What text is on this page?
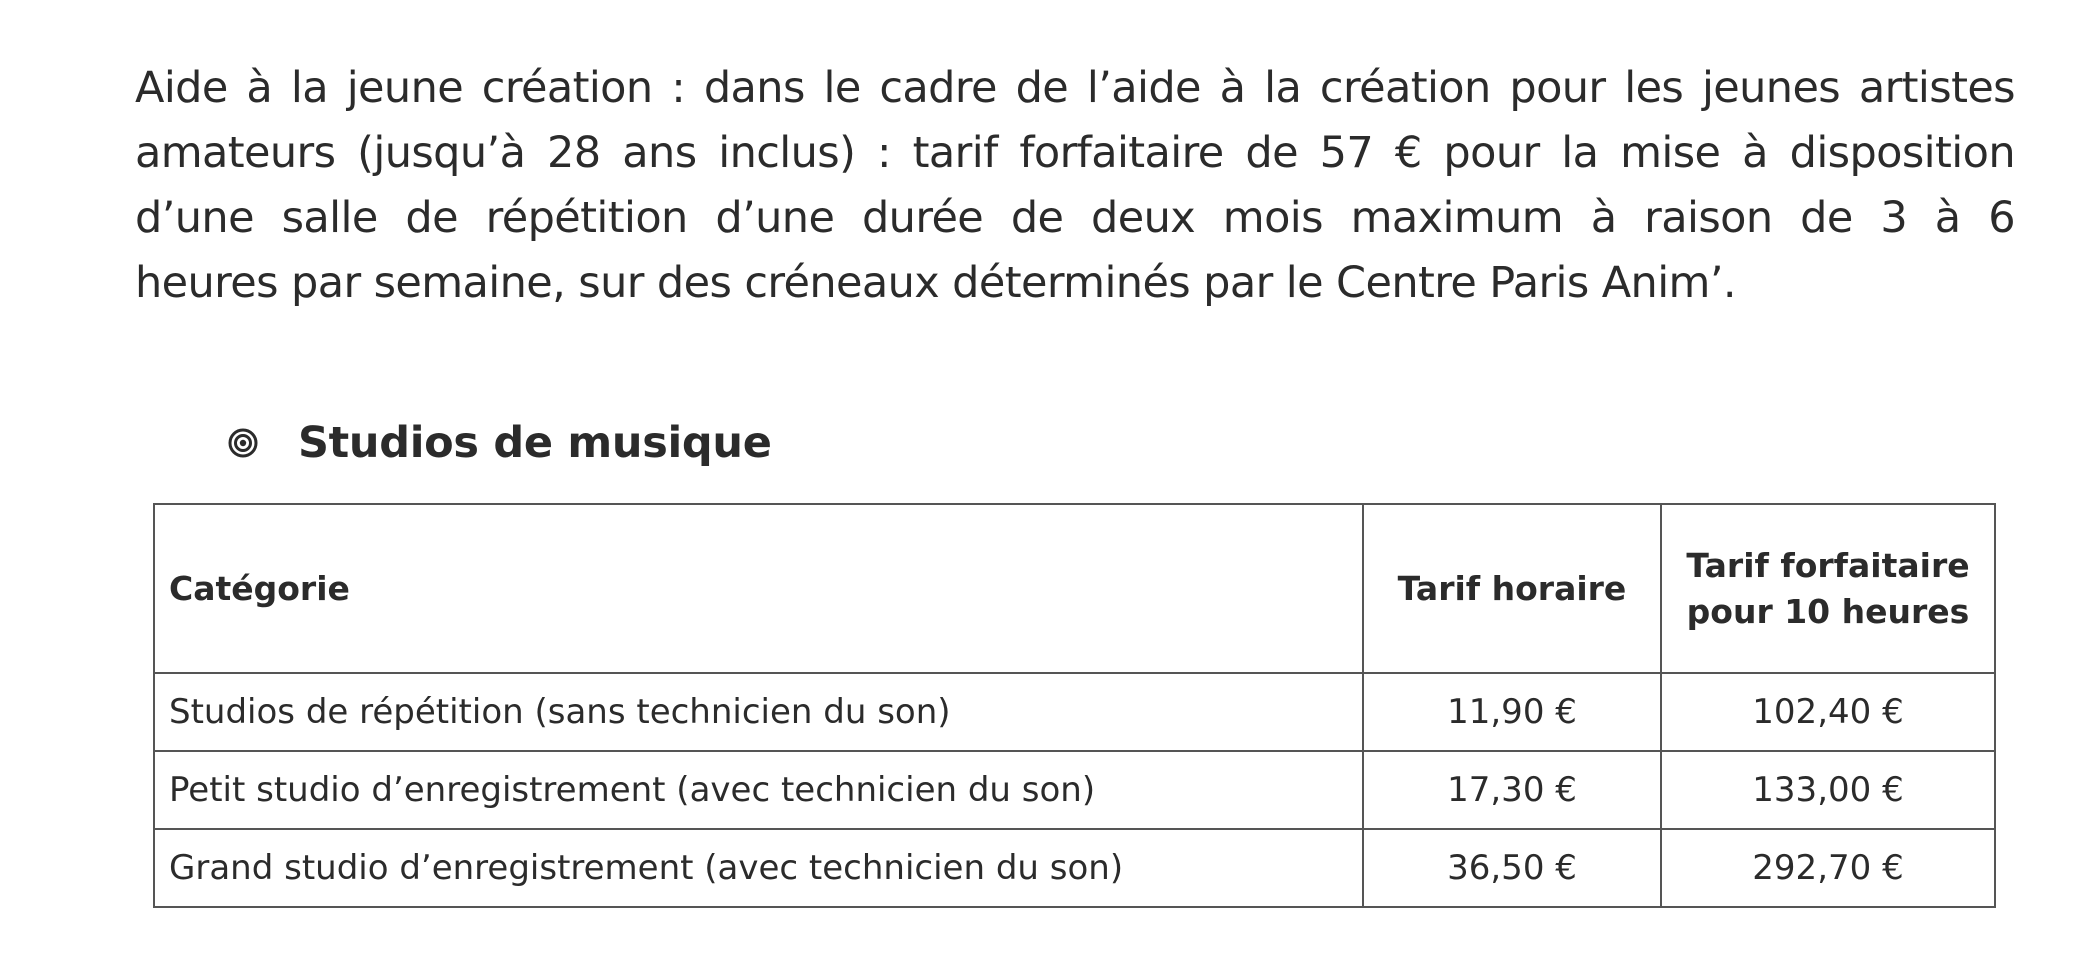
Aide à la jeune création : dans le cadre de l’aide à la création pour les jeunes artistes
amateurs (jusqu’à 28 ans inclus) : tarif forfaitaire de 57 € pour la mise à disposition
d’une salle de répétition d’une durée de deux mois maximum à raison de 3 à 6
heures par semaine, sur des créneaux déterminés par le Centre Paris Anim’.

Studios de musique
Catégorie	Tarif horaire	Tarif forfaitaire
pour 10 heures
Studios de répétition (sans technicien du son)	11,90 €	102,40 €
Petit studio d’enregistrement (avec technicien du son)	17,30 €	133,00 €
Grand studio d’enregistrement (avec technicien du son)	36,50 €	292,70 €
